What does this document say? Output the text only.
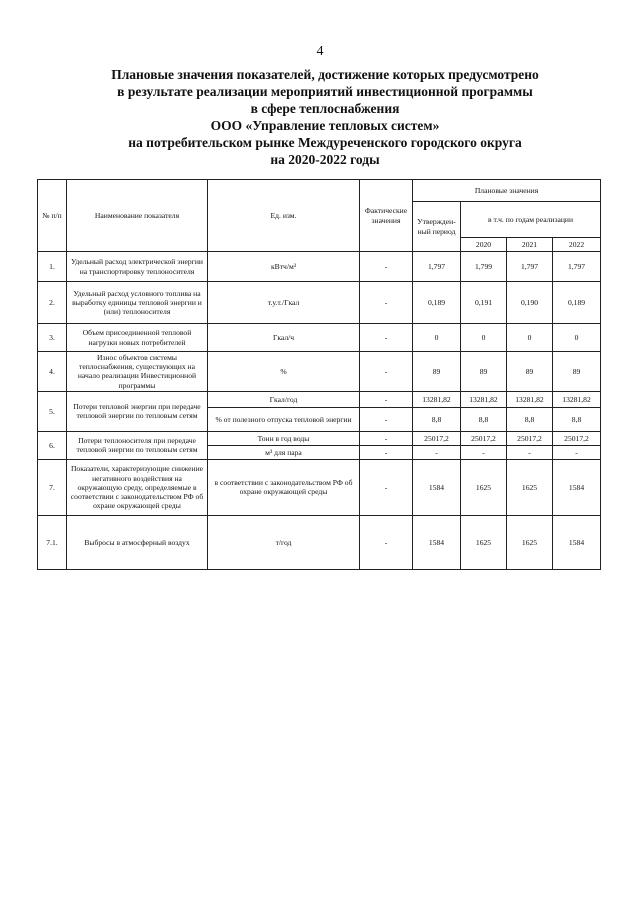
4
Плановые значения показателей, достижение которых предусмотрено
в результате реализации мероприятий инвестиционной программы
в сфере теплоснабжения
ООО «Управление тепловых систем»
на потребительском рынке Междуреченского городского округа
на 2020-2022 годы
№ п/п	Наименование показателя	Ед. изм.	Фактические значения	Плановые значения			
				Утвержден-ный период	в т.ч. по годам реализации		
					2020	2021	2022
1.	Удельный расход электрической энергии на транспортировку теплоносителя	кВтч/м³	-	1,797	1,799	1,797	1,797
2.	Удельный расход условного топлива на выработку единицы тепловой энергии и (или) теплоносителя	т.у.т./Гкал	-	0,189	0,191	0,190	0,189
3.	Объем присоединенной тепловой нагрузки новых потребителей	Гкал/ч	-	0	0	0	0
4.	Износ объектов системы теплоснабжения, существующих на начало реализации Инвестиционной программы	%	-	89	89	89	89
5.	Потери тепловой энергии при передаче тепловой энергии по тепловым сетям	Гкал/год	-	13281,82	13281,82	13281,82	13281,82
		% от полезного отпуска тепловой энергии	-	8,8	8,8	8,8	8,8
6.	Потери теплоносителя при передаче тепловой энергии по тепловым сетям	Тонн в год воды	-	25017,2	25017,2	25017,2	25017,2
		м³ для пара	-	-	-	-	-
7.	Показатели, характеризующие снижение негативного воздействия на окружающую среду, определяемые в соответствии с законодательством РФ об охране окружающей среды	в соответствии с законодательством РФ об охране окружающей среды	-	1584	1625	1625	1584
7.1.	Выбросы в атмосферный воздух	т/год	-	1584	1625	1625	1584
